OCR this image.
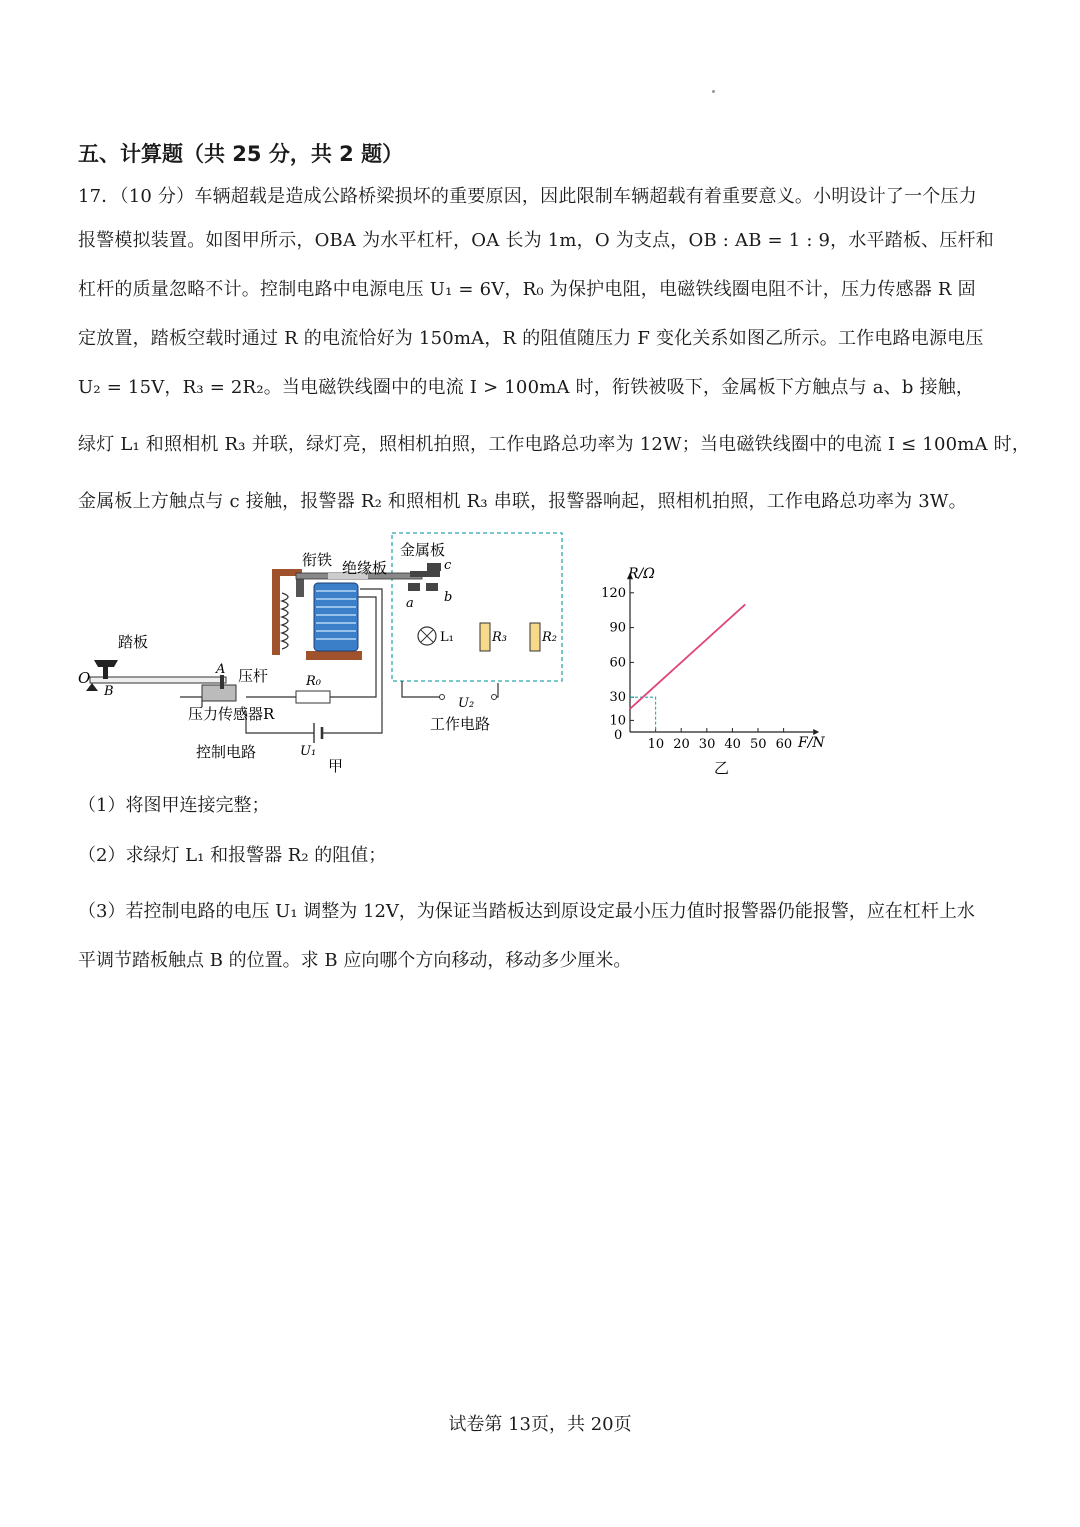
五、计算题（共 25 分，共 2 题）
17．（10 分）车辆超载是造成公路桥梁损坏的重要原因，因此限制车辆超载有着重要意义。小明设计了一个压力
报警模拟装置。如图甲所示，OBA 为水平杠杆，OA 长为 1m，O 为支点，OB : AB = 1 : 9，水平踏板、压杆和
杠杆的质量忽略不计。控制电路中电源电压 U₁ = 6V，R₀ 为保护电阻，电磁铁线圈电阻不计，压力传感器 R 固
定放置，踏板空载时通过 R 的电流恰好为 150mA，R 的阻值随压力 F 变化关系如图乙所示。工作电路电源电压
U₂ = 15V，R₃ = 2R₂。当电磁铁线圈中的电流 I > 100mA 时，衔铁被吸下，金属板下方触点与 a、b 接触，
绿灯 L₁ 和照相机 R₃ 并联，绿灯亮，照相机拍照，工作电路总功率为 12W；当电磁铁线圈中的电流 I ≤ 100mA 时，
金属板上方触点与 c 接触，报警器 R₂ 和照相机 R₃ 串联，报警器响起，照相机拍照，工作电路总功率为 3W。
踏板
O
B
A 压杆
压力传感器R
R₀
U₁
控制电路
衔铁 绝缘板
金属板
c
a b
L₁	R₃	R₂
U₂
工作电路
甲
10 20 30 40 50 60
10
30
60
90
120
R/Ω
F/N
0
乙
（1）将图甲连接完整；
（2）求绿灯 L₁ 和报警器 R₂ 的阻值；
（3）若控制电路的电压 U₁ 调整为 12V，为保证当踏板达到原设定最小压力值时报警器仍能报警，应在杠杆上水
平调节踏板触点 B 的位置。求 B 应向哪个方向移动，移动多少厘米。
试卷第 13页，共 20页
